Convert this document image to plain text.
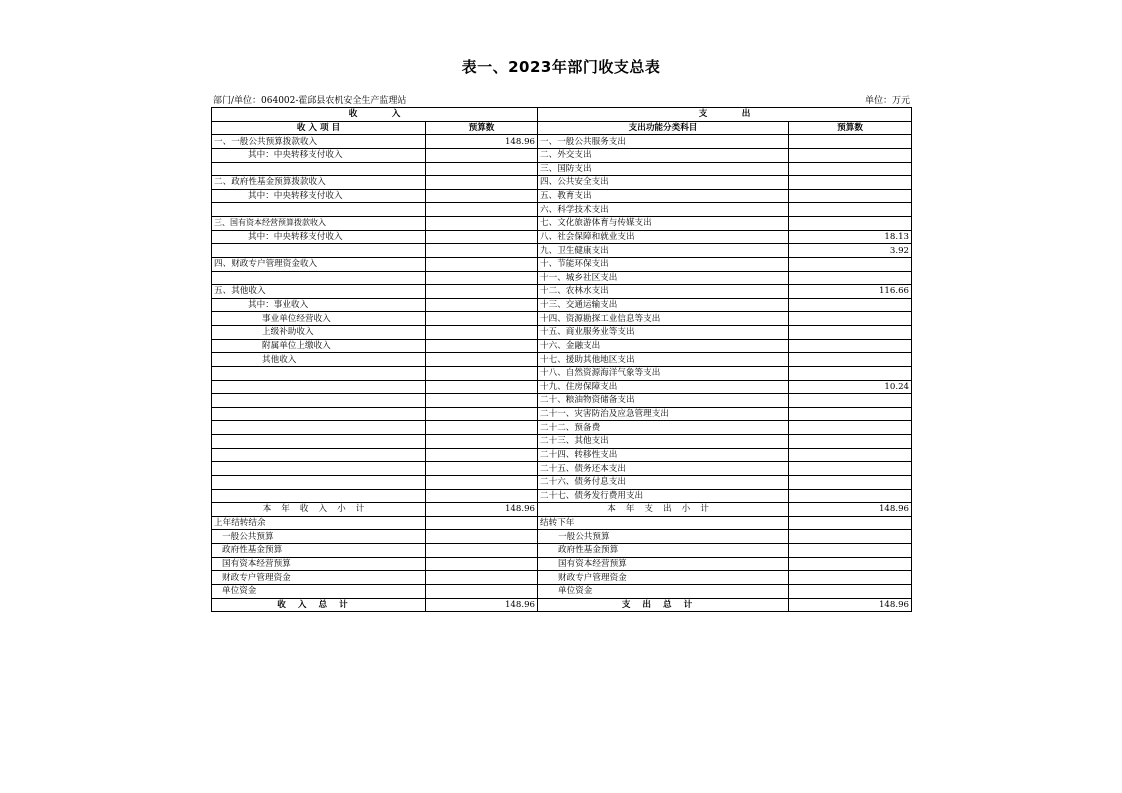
表一、2023年部门收支总表
部门/单位：064002-霍邱县农机安全生产监理站	单位：万元
收　　　　入		支　　　　出	
收 入 项 目	预算数	支出功能分类科目	预算数
一、一般公共预算拨款收入	148.96	一、一般公共服务支出	
其中：中央转移支付收入		二、外交支出	
		三、国防支出	
二、政府性基金预算拨款收入		四、公共安全支出	
其中：中央转移支付收入		五、教育支出	
		六、科学技术支出	
三、国有资本经营预算拨款收入		七、文化旅游体育与传媒支出	
其中：中央转移支付收入		八、社会保障和就业支出	18.13
		九、卫生健康支出	3.92
四、财政专户管理资金收入		十、节能环保支出	
		十一、城乡社区支出	
五、其他收入		十二、农林水支出	116.66
其中：事业收入		十三、交通运输支出	
事业单位经营收入		十四、资源勘探工业信息等支出	
上级补助收入		十五、商业服务业等支出	
附属单位上缴收入		十六、金融支出	
其他收入		十七、援助其他地区支出	
		十八、自然资源海洋气象等支出	
		十九、住房保障支出	10.24
		二十、粮油物资储备支出	
		二十一、灾害防治及应急管理支出	
		二十二、预备费	
		二十三、其他支出	
		二十四、转移性支出	
		二十五、债务还本支出	
		二十六、债务付息支出	
		二十七、债务发行费用支出	
本年收入小计	148.96	本年支出小计	148.96
上年结转结余		结转下年	
一般公共预算		一般公共预算	
政府性基金预算		政府性基金预算	
国有资本经营预算		国有资本经营预算	
财政专户管理资金		财政专户管理资金	
单位资金		单位资金	
收入总计	148.96	支出总计	148.96
